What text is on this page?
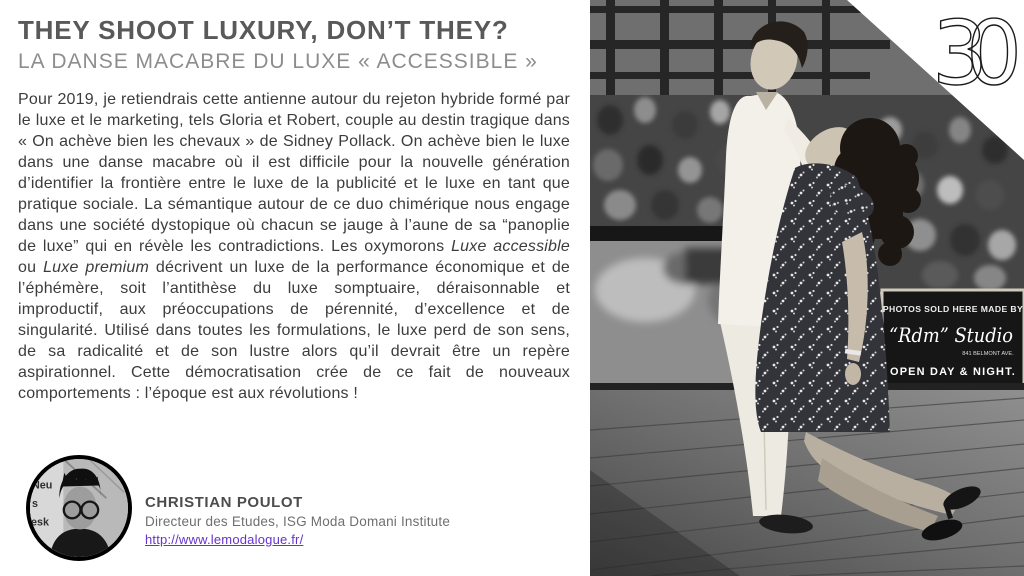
THEY SHOOT LUXURY, DON’T THEY?
LA DANSE MACABRE DU LUXE « ACCESSIBLE »

Pour 2019, je retiendrais cette antienne autour du rejeton hybride formé par le luxe et le marketing, tels Gloria et Robert, couple au destin tragique dans « On achève bien les chevaux » de Sidney Pollack. On achève bien le luxe dans une danse macabre où il est difficile pour la nouvelle génération d’identifier la frontière entre le luxe de la publicité et le luxe en tant que pratique sociale. La sémantique autour de ce duo chimérique nous engage dans une société dystopique où chacun se jauge à l’aune de sa “panoplie de luxe” qui en révèle les contradictions. Les oxymorons Luxe accessible ou Luxe premium décrivent un luxe de la performance économique et de l’éphémère, soit l’antithèse du luxe somptuaire, déraisonnable et improductif, aux préoccupations de pérennité, d’excellence et de singularité. Utilisé dans toutes les formulations, le luxe perd de son sens, de sa radicalité et de son lustre alors qu’il devrait être un repère aspirationnel. Cette démocratisation crée de ce fait de nouveaux comportements : l’époque est aux révolutions !

Neu
s
esk
CHRISTIAN POULOT
Directeur des Etudes, ISG Moda Domani Institute
http://www.lemodalogue.fr/
PHOTOS SOLD HERE MADE BY
“Rdm” Studio
841 BELMONT AVE.
OPEN DAY & NIGHT.
30
